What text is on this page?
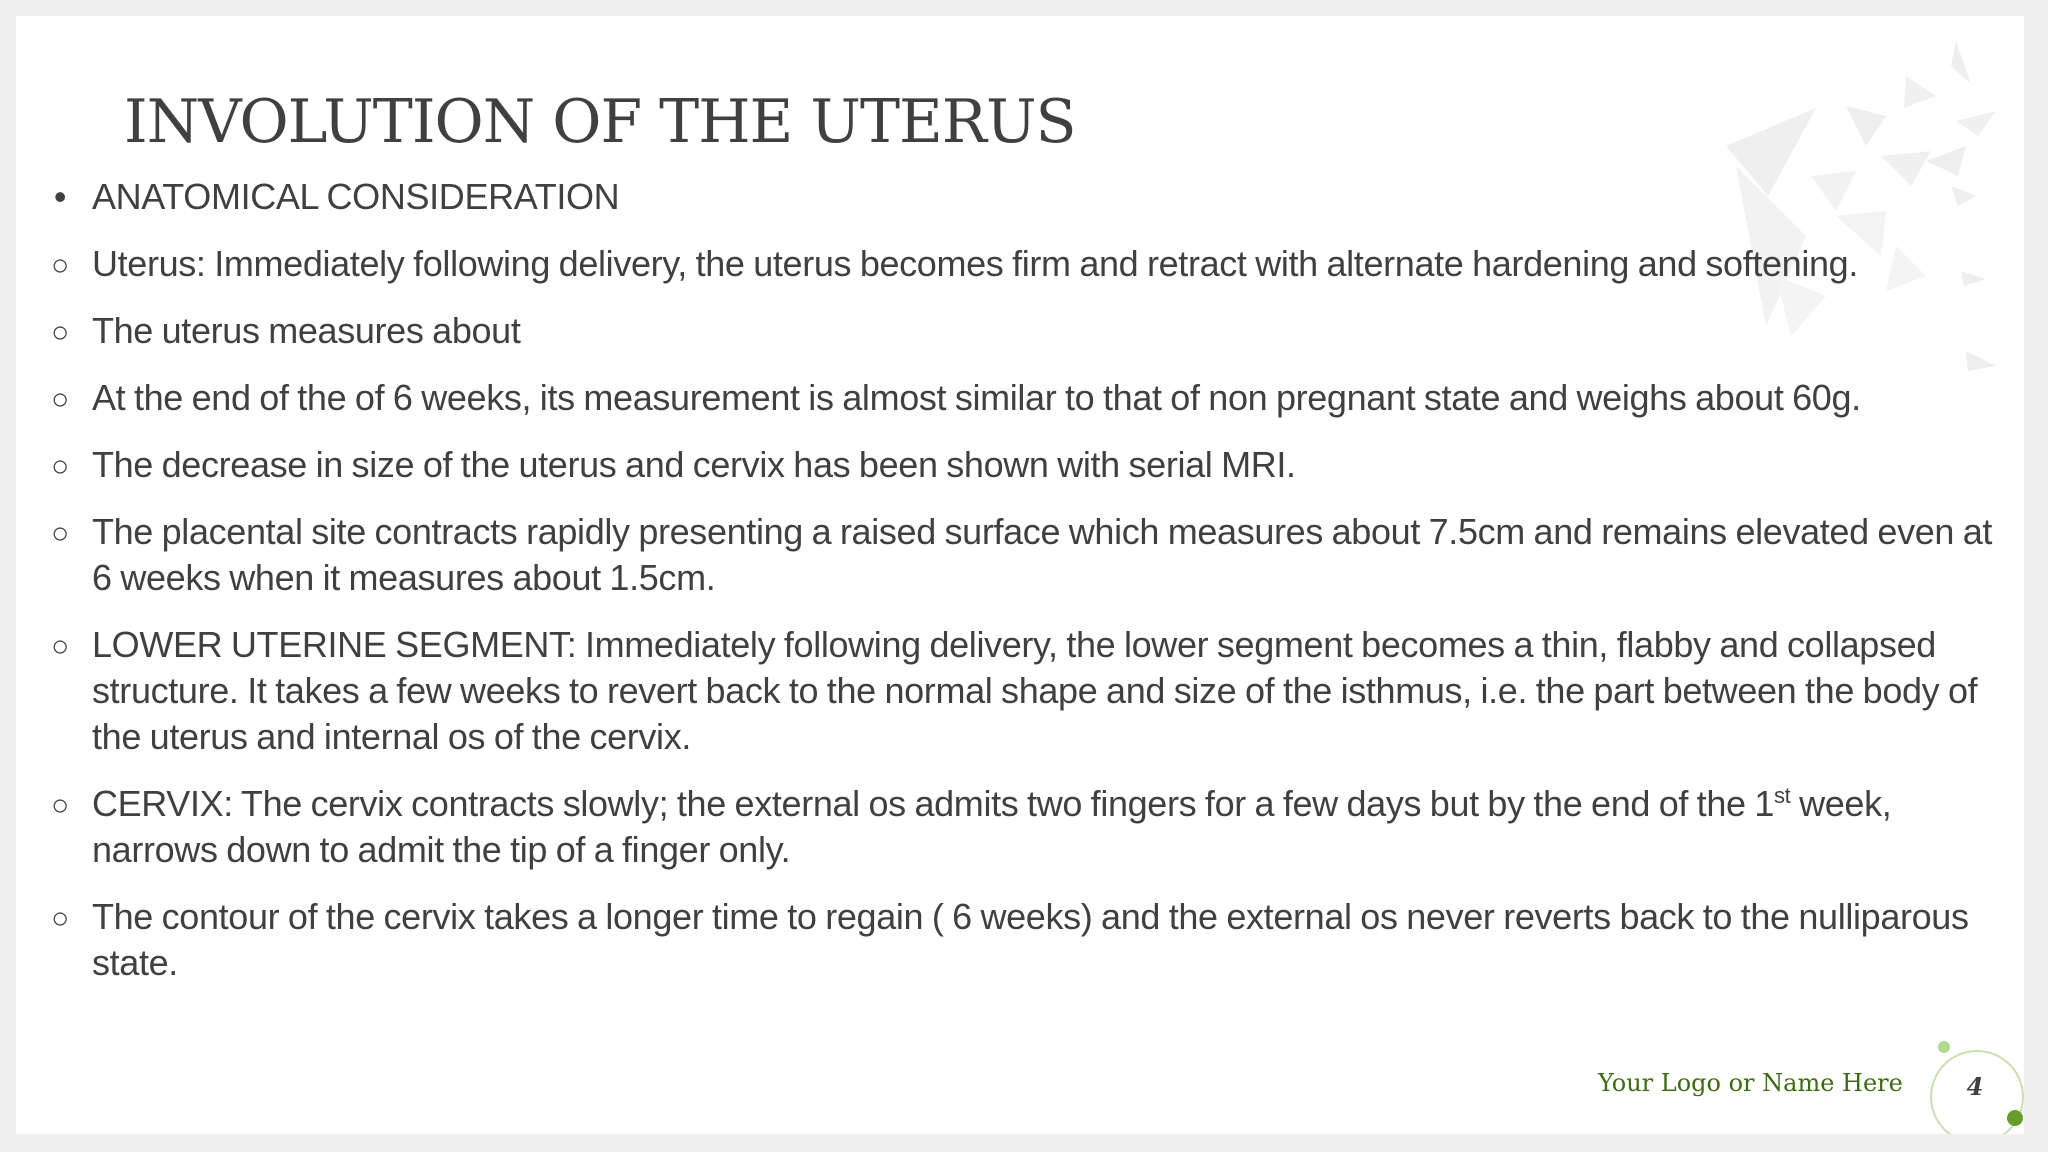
INVOLUTION OF THE UTERUS
• ANATOMICAL CONSIDERATION
○ Uterus: Immediately following delivery, the uterus becomes firm and retract with alternate hardening and softening.
○ The uterus measures about
○ At the end of the of 6 weeks, its measurement is almost similar to that of non pregnant state and weighs about 60g.
○ The decrease in size of the uterus and cervix has been shown with serial MRI.
○ The placental site contracts rapidly presenting a raised surface which measures about 7.5cm and remains elevated even at 6 weeks when it measures about 1.5cm.
○ LOWER UTERINE SEGMENT: Immediately following delivery, the lower segment becomes a thin, flabby and collapsed structure. It takes a few weeks to revert back to the normal shape and size of the isthmus, i.e. the part between the body of the uterus and internal os of the cervix.
○ CERVIX: The cervix contracts slowly; the external os admits two fingers for a few days but by the end of the 1st week, narrows down to admit the tip of a finger only.
○ The contour of the cervix takes a longer time to regain ( 6 weeks) and the external os never reverts back to the nulliparous state.
Your Logo or Name Here	4
